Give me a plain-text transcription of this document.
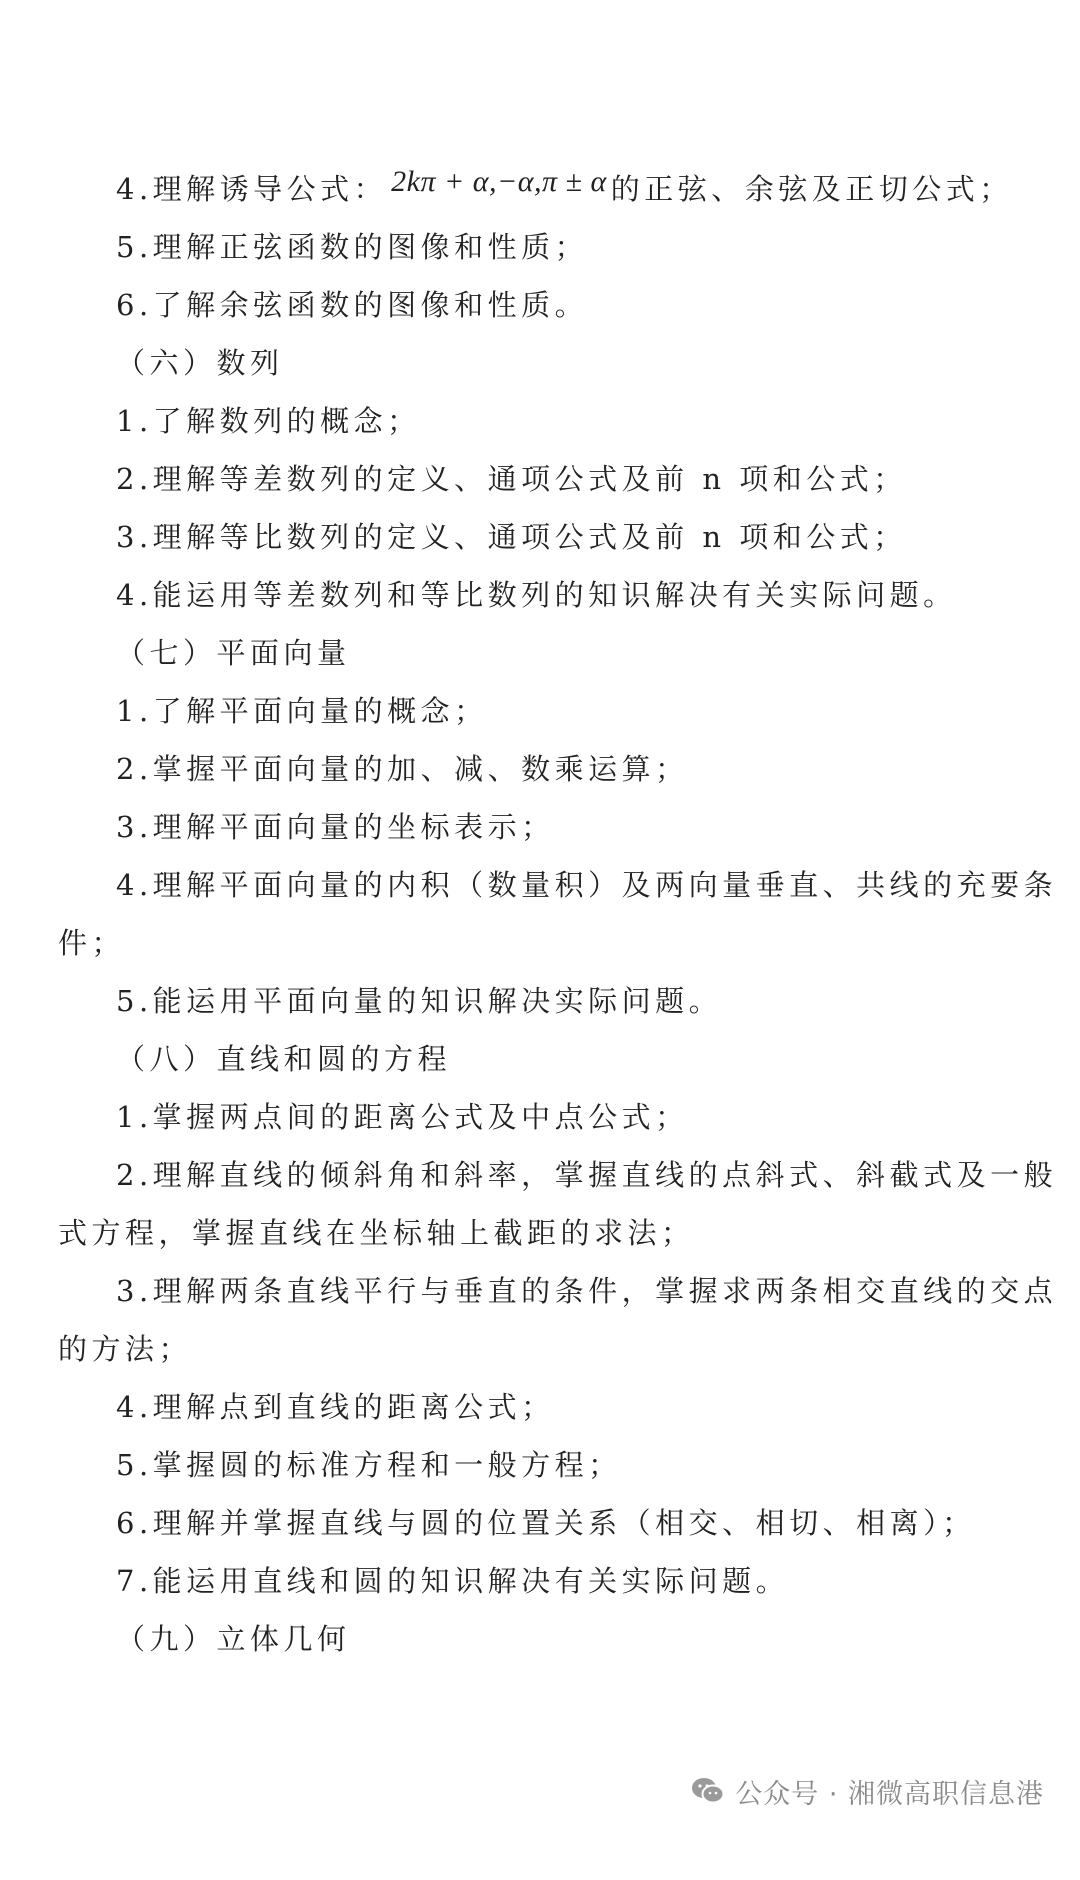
4.理解诱导公式： 2kπ + α,−α,π ± α 的正弦、余弦及正切公式；
5.理解正弦函数的图像和性质；
6.了解余弦函数的图像和性质。
（六）数列
1.了解数列的概念；
2.理解等差数列的定义、通项公式及前 n 项和公式；
3.理解等比数列的定义、通项公式及前 n 项和公式；
4.能运用等差数列和等比数列的知识解决有关实际问题。
（七）平面向量
1.了解平面向量的概念；
2.掌握平面向量的加、减、数乘运算；
3.理解平面向量的坐标表示；
4.理解平面向量的内积（数量积）及两向量垂直、共线的充要条
件；
5.能运用平面向量的知识解决实际问题。
（八）直线和圆的方程
1.掌握两点间的距离公式及中点公式；
2.理解直线的倾斜角和斜率，掌握直线的点斜式、斜截式及一般
式方程，掌握直线在坐标轴上截距的求法；
3.理解两条直线平行与垂直的条件，掌握求两条相交直线的交点
的方法；
4.理解点到直线的距离公式；
5.掌握圆的标准方程和一般方程；
6.理解并掌握直线与圆的位置关系（相交、相切、相离）；
7.能运用直线和圆的知识解决有关实际问题。
（九）立体几何
公众号 · 湘微高职信息港
